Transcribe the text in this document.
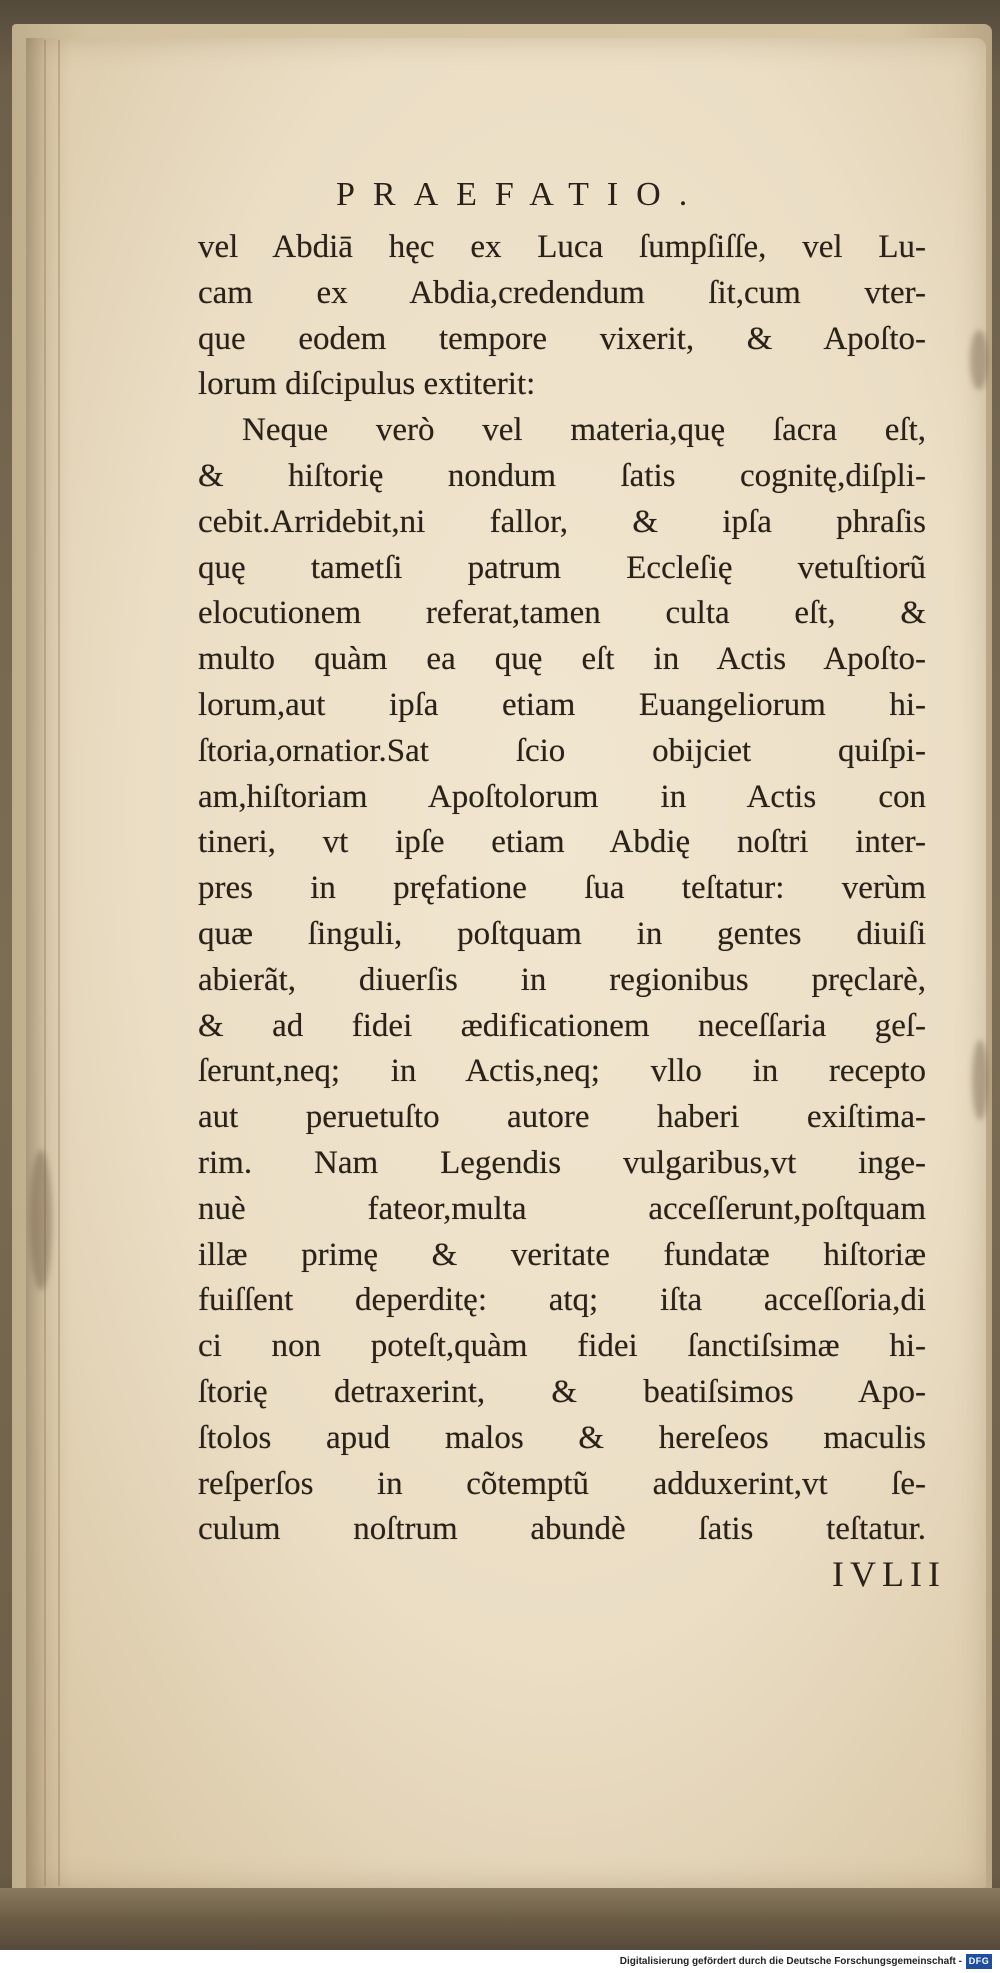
PRAEFATIO.
vel Abdiā hęc ex Luca ſumpſiſſe, vel Lu-
cam ex Abdia,credendum ſit,cum vter-
que eodem tempore vixerit, & Apoſto-
lorum diſcipulus extiterit:
Neque verò vel materia,quę ſacra eſt,
& hiſtorię nondum ſatis cognitę,diſpli-
cebit.Arridebit,ni fallor, & ipſa phraſis
quę tametſi patrum Eccleſię vetuſtiorũ
elocutionem referat,tamen culta eſt, &
multo quàm ea quę eſt in Actis Apoſto-
lorum,aut ipſa etiam Euangeliorum hi-
ſtoria,ornatior.Sat ſcio obijciet quiſpi-
am,hiſtoriam Apoſtolorum in Actis con
tineri, vt ipſe etiam Abdię noſtri inter-
pres in pręfatione ſua teſtatur: verùm
quæ ſinguli, poſtquam in gentes diuiſi
abierãt, diuerſis in regionibus pręclarè,
& ad fidei ædificationem neceſſaria geſ-
ſerunt,neq; in Actis,neq; vllo in recepto
aut peruetuſto autore haberi exiſtima-
rim. Nam Legendis vulgaribus,vt inge-
nuè fateor,multa acceſſerunt,poſtquam
illæ primę & veritate fundatæ hiſtoriæ
fuiſſent deperditę: atq; iſta acceſſoria,di
ci non poteſt,quàm fidei ſanctiſsimæ hi-
ſtorię detraxerint, & beatiſsimos Apo-
ſtolos apud malos & hereſeos maculis
reſperſos in cõtemptũ adduxerint,vt ſe-
culum noſtrum abundè ſatis teſtatur.
IVLII
Digitalisierung gefördert durch die Deutsche Forschungsgemeinschaft - DFG
